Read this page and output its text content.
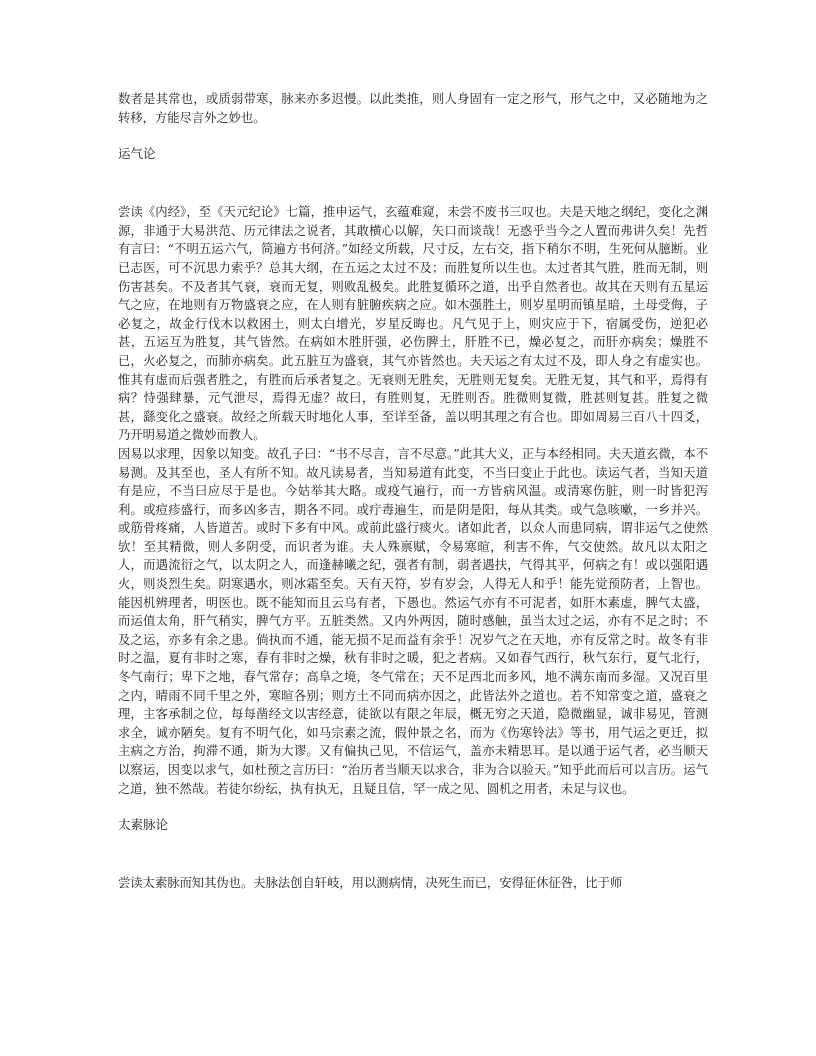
数者是其常也，或质弱带寒，脉来亦多迟慢。以此类推，则人身固有一定之形气，形气之中，又必随地为之转移，方能尽言外之妙也。

运气论

尝读《内经》，至《天元纪论》七篇，推申运气，玄蕴难窥，未尝不废书三叹也。夫是天地之纲纪，变化之渊源，非通于大易洪范、历元律法之说者，其敢横心以解，矢口而谈哉！无惑乎当今之人置而弗讲久矣！先哲有言曰：“不明五运六气，简遍方书何济。”如经文所载，尺寸反，左右交，指下稍尔不明，生死何从臆断。业已志医，可不沉思力索乎？总其大纲，在五运之太过不及；而胜复所以生也。太过者其气胜，胜而无制，则伤害甚矣。不及者其气衰，衰而无复，则败乱极矣。此胜复循环之道，出乎自然者也。故其在天则有五星运气之应，在地则有万物盛衰之应，在人则有脏腑疾病之应。如木强胜土，则岁星明而镇星暗，土母受侮，子必复之，故金行伐木以救困土，则太白增光，岁星反晦也。凡气见于上，则灾应于下，宿属受伤，逆犯必甚，五运互为胜复，其气皆然。在病如木胜肝强，必伤脾土，肝胜不已，燥必复之，而肝亦病矣；燥胜不已，火必复之，而肺亦病矣。此五脏互为盛衰，其气亦皆然也。夫天运之有太过不及，即人身之有虚实也。惟其有虚而后强者胜之，有胜而后承者复之。无衰则无胜矣，无胜则无复矣。无胜无复，其气和平，焉得有病？恃强肆暴，元气泄尽，焉得无虚？故曰，有胜则复，无胜则否。胜微则复微，胜甚则复甚。胜复之微甚，繇变化之盛衰。故经之所载天时地化人事，至详至备，盖以明其理之有合也。即如周易三百八十四爻，乃开明易道之微妙而教人。

因易以求理，因象以知变。故孔子曰：“书不尽言，言不尽意。”此其大义，正与本经相同。夫天道玄微，本不易测。及其至也，圣人有所不知。故凡读易者，当知易道有此变，不当曰变止于此也。读运气者，当知天道有是应，不当曰应尽于是也。今姑举其大略。或疫气遍行，而一方皆病风温。或清寒伤脏，则一时皆犯泻利。或痘疹盛行，而多凶多吉，期各不同。或疔毒遍生，而是阴是阳，每从其类。或气急咳嗽，一乡并兴。或筋骨疼痛，人皆道苦。或时下多有中风。或前此盛行痰火。诸如此者，以众人而患同病，谓非运气之使然欤！至其精微，则人多阴受，而识者为谁。夫人殊禀赋，令易寒暄，利害不侔，气交使然。故凡以太阳之人，而遇流衍之气，以太阴之人，而逢赫曦之纪，强者有制，弱者遇扶，气得其平，何病之有！或以强阳遇火，则炎烈生矣。阴寒遇水，则冰霜至矣。天有天符，岁有岁会，人得无人和乎！能先觉预防者，上智也。能因机辨理者，明医也。既不能知而且云乌有者，下愚也。然运气亦有不可泥者，如肝木素虚，脾气太盛，而运值太角，肝气稍实，脾气方平。五脏类然。又内外两因，随时感触，虽当太过之运，亦有不足之时；不及之运，亦多有余之患。倘执而不通，能无损不足而益有余乎！况岁气之在天地，亦有反常之时。故冬有非时之温，夏有非时之寒，春有非时之燥，秋有非时之暖，犯之者病。又如春气西行，秋气东行，夏气北行，冬气南行；卑下之地，春气常存；高阜之境，冬气常在；天不足西北而多风，地不满东南而多湿。又况百里之内，晴雨不同千里之外，寒暄各别；则方土不同而病亦因之，此皆法外之道也。若不知常变之道，盛衰之理，主客承制之位，每每凿经文以害经意，徒欲以有限之年辰，概无穷之天道，隐微幽显，诚非易见，管测求全，诚亦陋矣。复有不明气化，如马宗素之流，假仲景之名，而为《伤寒铃法》等书，用气运之更迁，拟主病之方治，拘滞不通，斯为大谬。又有偏执己见，不信运气，盖亦未精思耳。是以通于运气者，必当顺天以察运，因变以求气，如杜预之言历曰：“治历者当顺天以求合，非为合以验天。”知乎此而后可以言历。运气之道，独不然哉。若徒尔纷纭，执有执无，且疑且信，罕一成之见、圆机之用者，未足与议也。

太素脉论

尝读太素脉而知其伪也。夫脉法创自轩岐，用以测病情，决死生而已，安得征休征咎，比于师
